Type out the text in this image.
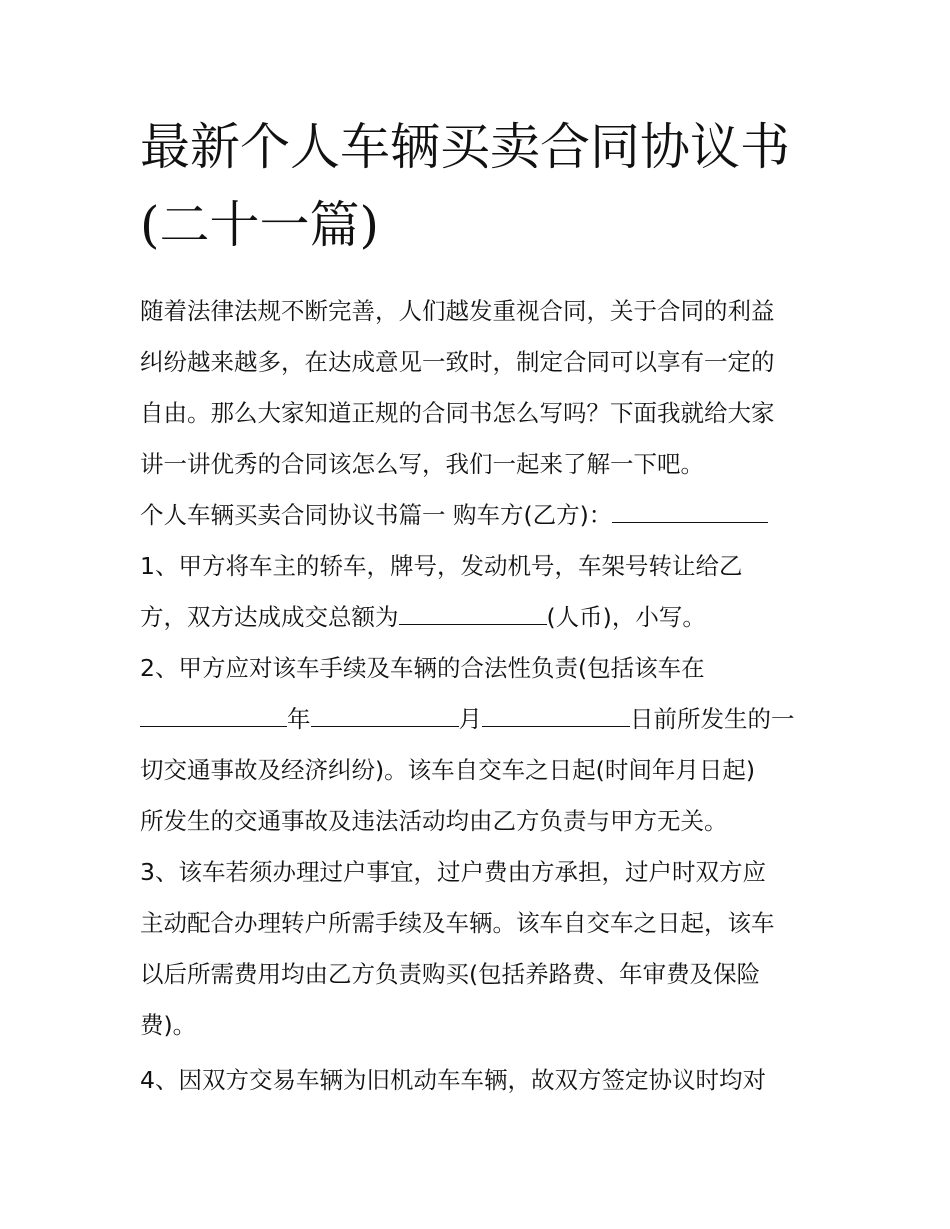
最新个人车辆买卖合同协议书
(二十一篇)
随着法律法规不断完善，人们越发重视合同，关于合同的利益
纠纷越来越多，在达成意见一致时，制定合同可以享有一定的
自由。那么大家知道正规的合同书怎么写吗？下面我就给大家
讲一讲优秀的合同该怎么写，我们一起来了解一下吧。
个人车辆买卖合同协议书篇一 购车方(乙方)：
1、甲方将车主的轿车，牌号，发动机号，车架号转让给乙
方，双方达成成交总额为	(人币)，小写。
2、甲方应对该车手续及车辆的合法性负责(包括该车在
年	月	日前所发生的一
切交通事故及经济纠纷)。该车自交车之日起(时间年月日起)
所发生的交通事故及违法活动均由乙方负责与甲方无关。
3、该车若须办理过户事宜，过户费由方承担，过户时双方应
主动配合办理转户所需手续及车辆。该车自交车之日起，该车
以后所需费用均由乙方负责购买(包括养路费、年审费及保险
费)。
4、因双方交易车辆为旧机动车车辆，故双方签定协议时均对
